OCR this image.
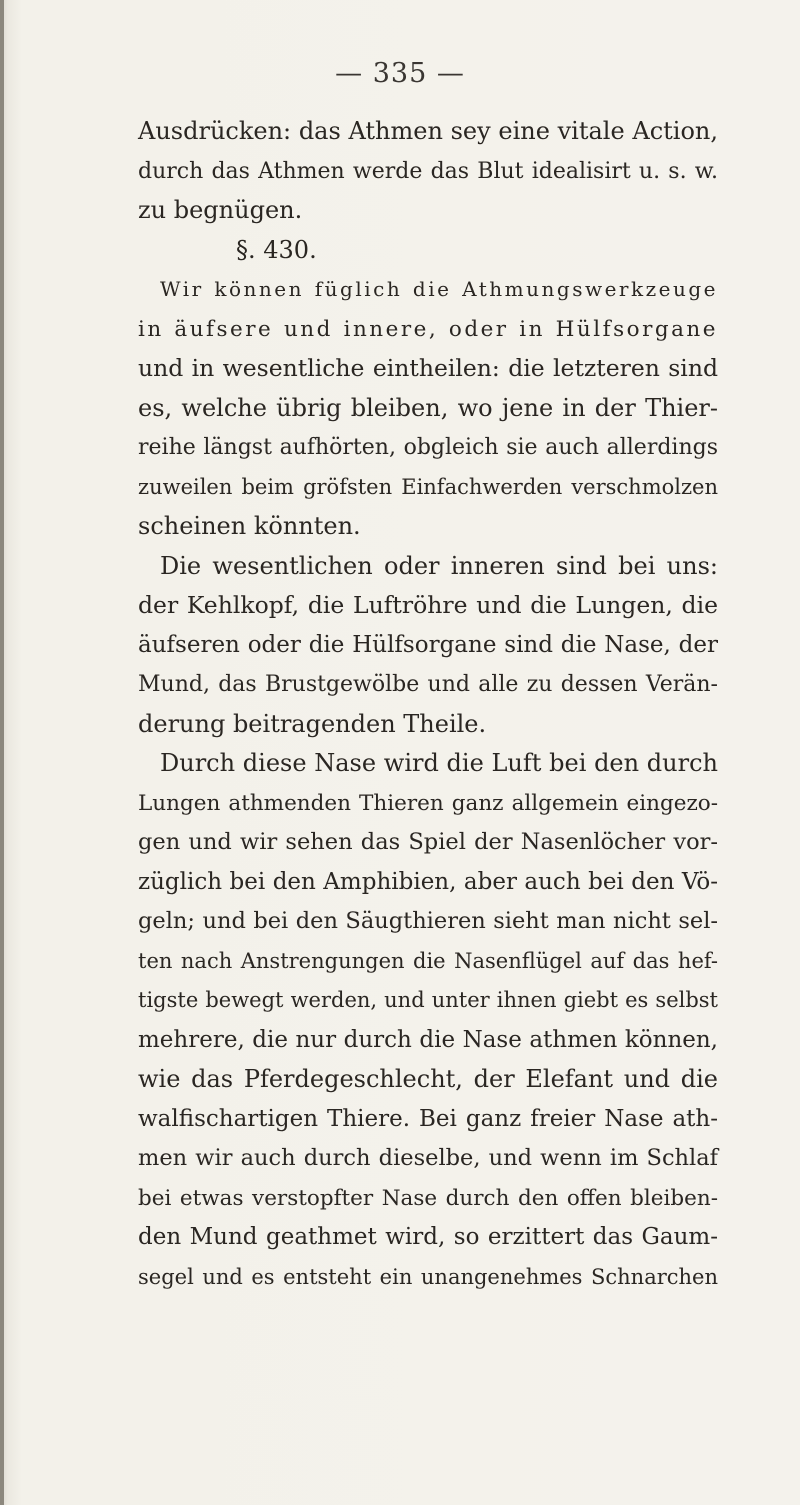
— 335 —
Ausdrücken: das Athmen sey eine vitale Action,
durch das Athmen werde das Blut idealisirt u. s. w.
zu begnügen.
§. 430.
Wir können füglich die Athmungswerkzeuge
in äufsere und innere, oder in Hülfsorgane
und in wesentliche eintheilen: die letzteren sind
es, welche übrig bleiben, wo jene in der Thier-
reihe längst aufhörten, obgleich sie auch allerdings
zuweilen beim gröfsten Einfachwerden verschmolzen
scheinen könnten.
Die wesentlichen oder inneren sind bei uns:
der Kehlkopf, die Luftröhre und die Lungen, die
äufseren oder die Hülfsorgane sind die Nase, der
Mund, das Brustgewölbe und alle zu dessen Verän-
derung beitragenden Theile.
Durch diese Nase wird die Luft bei den durch
Lungen athmenden Thieren ganz allgemein eingezo-
gen und wir sehen das Spiel der Nasenlöcher vor-
züglich bei den Amphibien, aber auch bei den Vö-
geln; und bei den Säugthieren sieht man nicht sel-
ten nach Anstrengungen die Nasenflügel auf das hef-
tigste bewegt werden, und unter ihnen giebt es selbst
mehrere, die nur durch die Nase athmen können,
wie das Pferdegeschlecht, der Elefant und die
walfischartigen Thiere. Bei ganz freier Nase ath-
men wir auch durch dieselbe, und wenn im Schlaf
bei etwas verstopfter Nase durch den offen bleiben-
den Mund geathmet wird, so erzittert das Gaum-
segel und es entsteht ein unangenehmes Schnarchen
